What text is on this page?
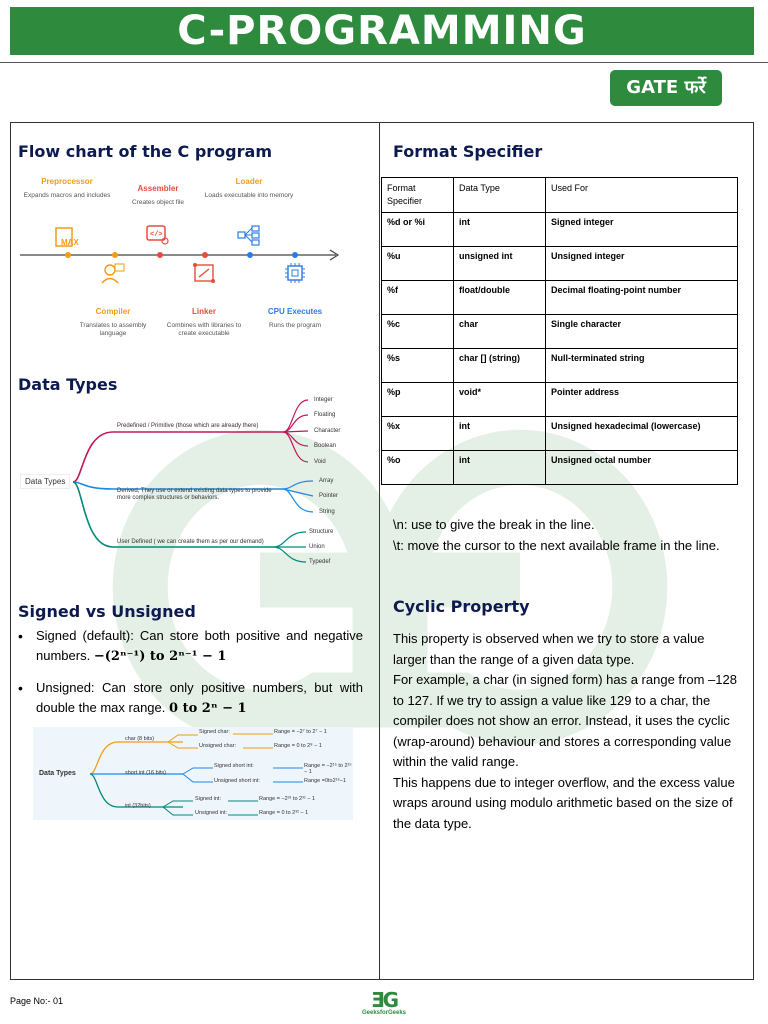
C-PROGRAMMING
GATE फर्रे
Flow chart of the C program
Preprocessor
Expands macros and includes
Assembler
Creates object file
Loader
Loads executable into memory
MAX
</>
Compiler
Translates to assembly language
Linker
Combines with libraries to create executable
CPU Executes
Runs the program
Data Types
Data Types
Predefined / Primitive (those which are already there)
Derived, They use or extend existing data types to provide more complex structures or behaviors.
User Defined ( we can create them as per our demand)
Integer
Floating
Character
Boolean
Void
Array
Pointer
String
Structure
Union
Typedef
Signed vs Unsigned
• Signed (default): Can store both positive and negative numbers. −(2ⁿ⁻¹) to 2ⁿ⁻¹ − 1
• Unsigned: Can store only positive numbers, but with double the max range. 0 to 2ⁿ − 1
Data Types
char (8 bits)
Signed char:	Range = −2⁷ to 2⁷ − 1
Unsigned char:	Range = 0 to 2⁸ − 1
short int (16 bits)
Signed short int:	Range = −2¹⁵ to 2¹⁵ − 1
Unsigned short int:	Range =0to2¹⁶−1
int (32bits)
Signed int:	Range = −2³¹ to 2³¹ − 1
Unsigned int:	Range = 0 to 2³² − 1
Format Specifier
Format Specifier	Data Type	Used For
%d or %i	int	Signed integer
%u	unsigned int	Unsigned integer
%f	float/double	Decimal floating-point number
%c	char	Single character
%s	char [] (string)	Null-terminated string
%p	void*	Pointer address
%x	int	Unsigned hexadecimal (lowercase)
%o	int	Unsigned octal number
\n: use to give the break in the line.
\t: move the cursor to the next available frame in the line.
Cyclic Property
This property is observed when we try to store a value larger than the range of a given data type.
For example, a char (in signed form) has a range from –128 to 127. If we try to assign a value like 129 to a char, the compiler does not show an error. Instead, it uses the cyclic (wrap-around) behaviour and stores a corresponding value within the valid range.
This happens due to integer overflow, and the excess value wraps around using modulo arithmetic based on the size of the data type.
Page No:- 01	ƎG
GeeksforGeeks
